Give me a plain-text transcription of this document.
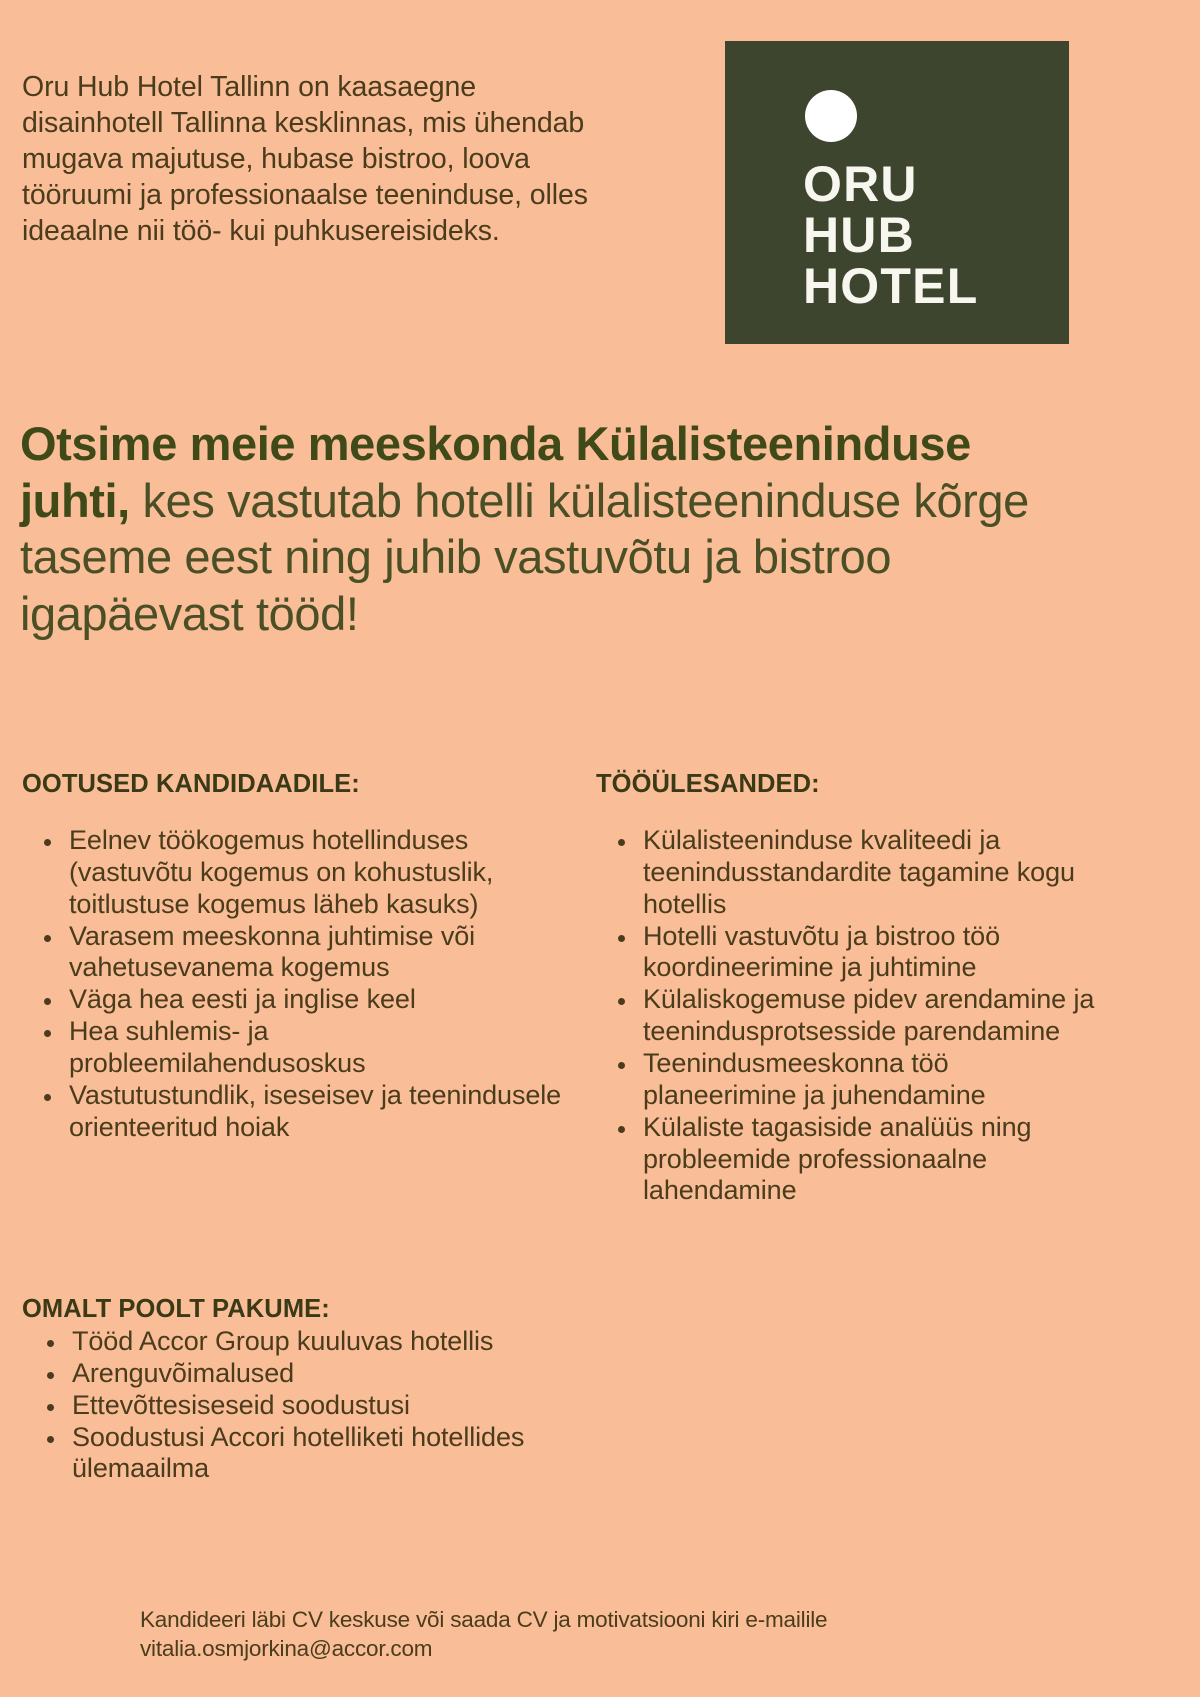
Oru Hub Hotel Tallinn on kaasaegne disainhotell Tallinna kesklinnas, mis ühendab mugava majutuse, hubase bistroo, loova tööruumi ja professionaalse teeninduse, olles ideaalne nii töö- kui puhkusereisideks.

ORU
HUB
HOTEL
Otsime meie meeskonda Külalisteeninduse juhti, kes vastutab hotelli külalisteeninduse kõrge taseme eest ning juhib vastuvõtu ja bistroo igapäevast tööd!
OOTUSED KANDIDAADILE:
• Eelnev töökogemus hotellinduses (vastuvõtu kogemus on kohustuslik, toitlustuse kogemus läheb kasuks)
• Varasem meeskonna juhtimise või vahetusevanema kogemus
• Väga hea eesti ja inglise keel
• Hea suhlemis- ja probleemilahendusoskus
• Vastutustundlik, iseseisev ja teenindusele orienteeritud hoiak
TÖÖÜLESANDED:
• Külalisteeninduse kvaliteedi ja teenindusstandardite tagamine kogu hotellis
• Hotelli vastuvõtu ja bistroo töö koordineerimine ja juhtimine
• Külaliskogemuse pidev arendamine ja teenindusprotsesside parendamine
• Teenindusmeeskonna töö planeerimine ja juhendamine
• Külaliste tagasiside analüüs ning probleemide professionaalne lahendamine
OMALT POOLT PAKUME:
• Tööd Accor Group kuuluvas hotellis
• Arenguvõimalused
• Ettevõttesiseseid soodustusi
• Soodustusi Accori hotelliketi hotellides ülemaailma
Kandideeri läbi CV keskuse või saada CV ja motivatsiooni kiri e-mailile
vitalia.osmjorkina@accor.com
